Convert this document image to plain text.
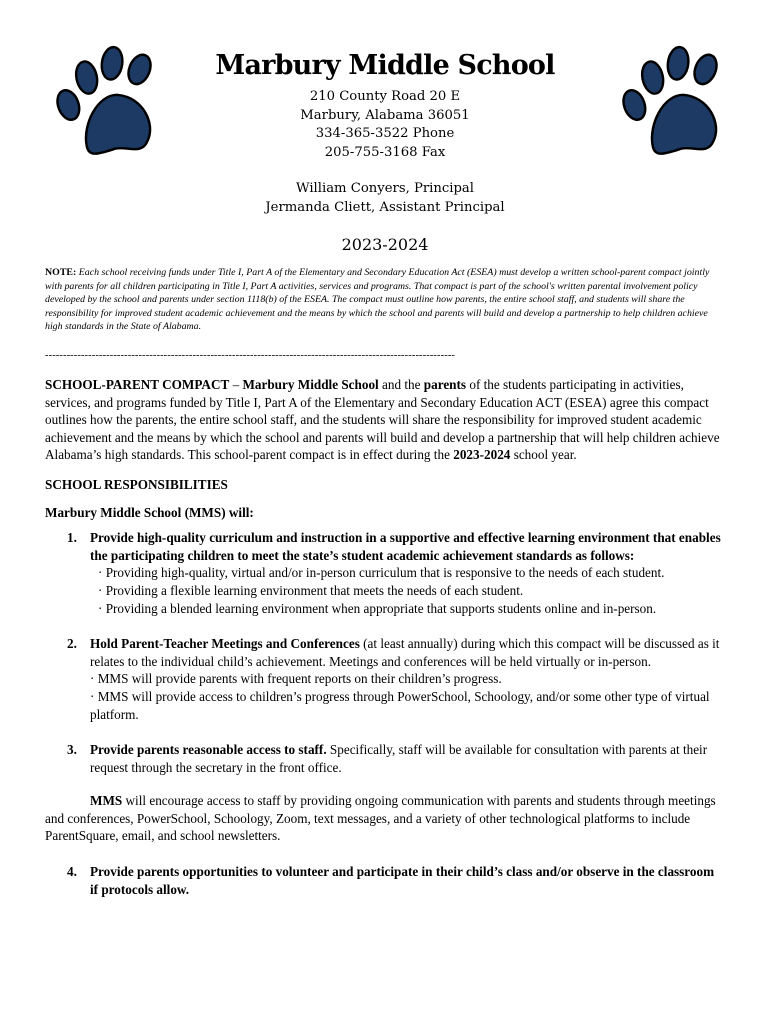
Marbury Middle School
210 County Road 20 E
Marbury, Alabama 36051
334-365-3522 Phone
205-755-3168 Fax
William Conyers, Principal
Jermanda Cliett, Assistant Principal
2023-2024
NOTE: Each school receiving funds under Title I, Part A of the Elementary and Secondary Education Act (ESEA) must develop a written school-parent compact jointly with parents for all children participating in Title I, Part A activities, services and programs. That compact is part of the school's written parental involvement policy developed by the school and parents under section 1118(b) of the ESEA. The compact must outline how parents, the entire school staff, and students will share the responsibility for improved student academic achievement and the means by which the school and parents will build and develop a partnership to help children achieve high standards in the State of Alabama.
------------------------------------------------------------------------------------------------------------------

SCHOOL-PARENT COMPACT – Marbury Middle School and the parents of the students participating in activities, services, and programs funded by Title I, Part A of the Elementary and Secondary Education ACT (ESEA) agree this compact outlines how the parents, the entire school staff, and the students will share the responsibility for improved student academic achievement and the means by which the school and parents will build and develop a partnership that will help children achieve Alabama’s high standards. This school-parent compact is in effect during the 2023-2024 school year.

SCHOOL RESPONSIBILITIES

Marbury Middle School (MMS) will:

1. Provide high-quality curriculum and instruction in a supportive and effective learning environment that enables the participating children to meet the state’s student academic achievement standards as follows:
· Providing high-quality, virtual and/or in-person curriculum that is responsive to the needs of each student.
· Providing a flexible learning environment that meets the needs of each student.
· Providing a blended learning environment when appropriate that supports students online and in-person.
2. Hold Parent-Teacher Meetings and Conferences (at least annually) during which this compact will be discussed as it relates to the individual child’s achievement. Meetings and conferences will be held virtually or in-person.
· MMS will provide parents with frequent reports on their children’s progress.
· MMS will provide access to children’s progress through PowerSchool, Schoology, and/or some other type of virtual platform.
3. Provide parents reasonable access to staff. Specifically, staff will be available for consultation with parents at their request through the secretary in the front office.

MMS will encourage access to staff by providing ongoing communication with parents and students through meetings and conferences, PowerSchool, Schoology, Zoom, text messages, and a variety of other technological platforms to include ParentSquare, email, and school newsletters.

4. Provide parents opportunities to volunteer and participate in their child’s class and/or observe in the classroom if protocols allow.
